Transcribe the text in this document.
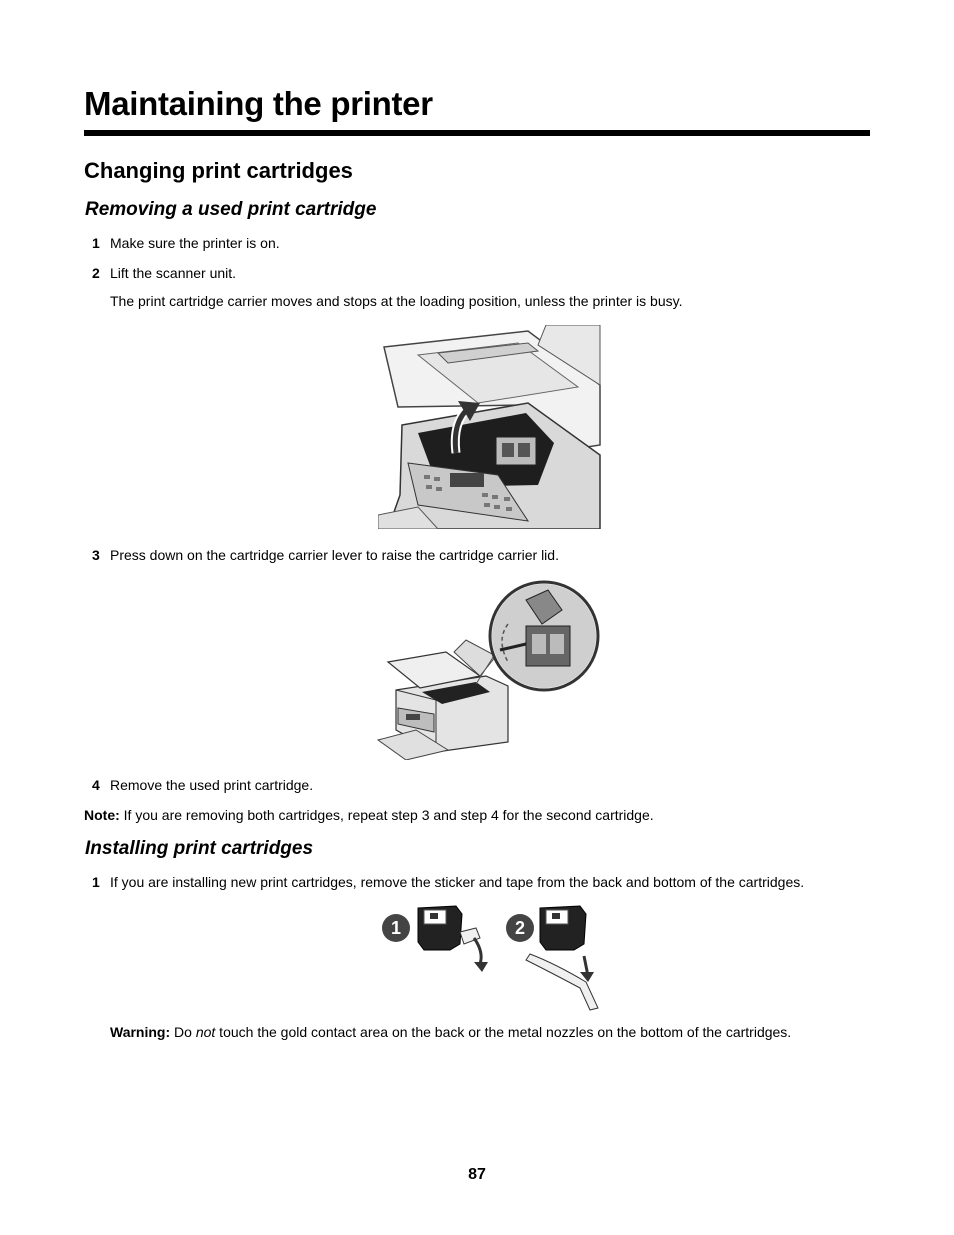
Maintaining the printer
Changing print cartridges
Removing a used print cartridge
1 Make sure the printer is on.
2 Lift the scanner unit.
The print cartridge carrier moves and stops at the loading position, unless the printer is busy.
3 Press down on the cartridge carrier lever to raise the cartridge carrier lid.
4 Remove the used print cartridge.
Note: If you are removing both cartridges, repeat step 3 and step 4 for the second cartridge.
Installing print cartridges
1 If you are installing new print cartridges, remove the sticker and tape from the back and bottom of the cartridges.
1	2
Warning: Do not touch the gold contact area on the back or the metal nozzles on the bottom of the cartridges.
87
